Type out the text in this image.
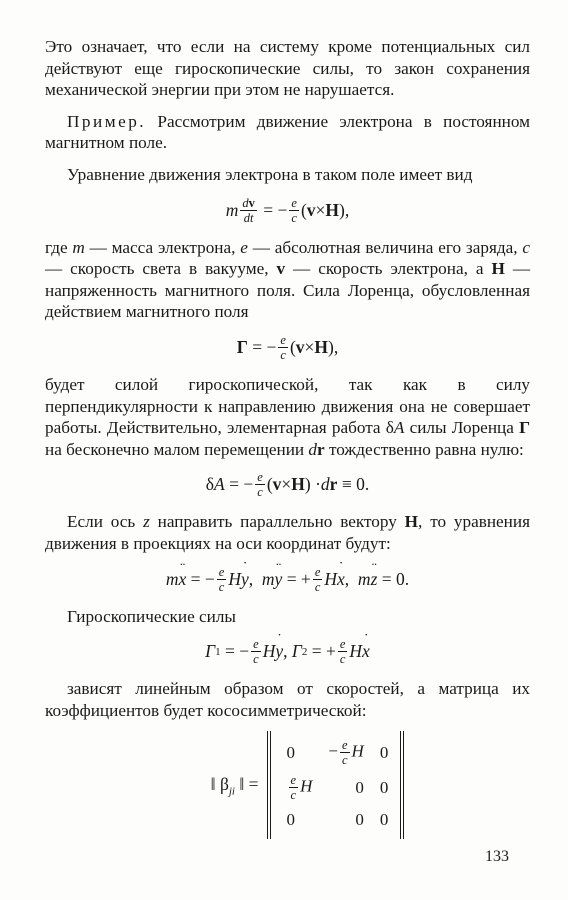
Это означает, что если на систему кроме потенциальных сил действуют еще гироскопические силы, то закон сохранения механической энергии при этом не нарушается.

Пример. Рассмотрим движение электрона в постоянном магнитном поле.

Уравнение движения электрона в таком поле имеет вид

m $\frac{dv}{dt}$ = − $\frac{e}{c}$ ( v × H ),

где m — масса электрона, e — абсолютная величина его заряда, c — скорость света в вакууме, v — скорость электрона, а H — напряженность магнитного поля. Сила Лоренца, обусловленная действием магнитного поля

Γ = − $\frac{e}{c}$ ( v × H ),

будет силой гироскопической, так как в силу перпендикулярности к направлению движения она не совершает работы. Действительно, элементарная работа δA силы Лоренца Γ на бесконечно малом перемещении dr тождественно равна нулю:

δ A = − $\frac{e}{c}$ ( v × H ) · d r ≡ 0.

Если ось z направить параллельно вектору H, то уравнения движения в проекциях на оси координат будут:

m x ¨ = − $\frac{e}{c}$ H y ˙ , m y ¨ = + $\frac{e}{c}$ H x ˙ , m z ¨ = 0.

Гироскопические силы

Γ 1 = − $\frac{e}{c}$ H y ˙ , Γ 2 = + $\frac{e}{c}$ H x ˙

зависят линейным образом от скоростей, а матрица их коэффициентов будет кососимметрической:

‖ $\beta_{ji}$ ‖ =
0	− $\frac{e}{c}$ H	0

$\frac{e}{c}$ H	0	0
0	0	0
133
